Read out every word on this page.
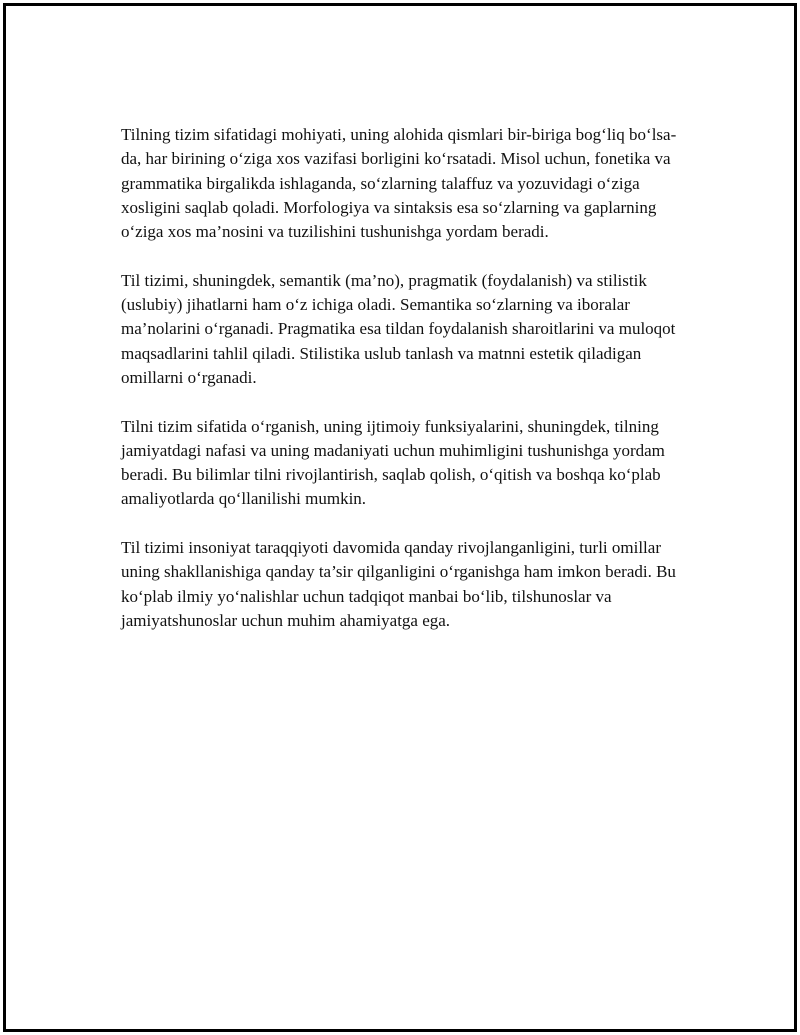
Tilning tizim sifatidagi mohiyati, uning alohida qismlari bir-biriga bog‘liq bo‘lsa-da, har birining o‘ziga xos vazifasi borligini ko‘rsatadi. Misol uchun, fonetika va grammatika birgalikda ishlaganda, so‘zlarning talaffuz va yozuvidagi o‘ziga xosligini saqlab qoladi. Morfologiya va sintaksis esa so‘zlarning va gaplarning o‘ziga xos ma’nosini va tuzilishini tushunishga yordam beradi.

Til tizimi, shuningdek, semantik (ma’no), pragmatik (foydalanish) va stilistik (uslubiy) jihatlarni ham o‘z ichiga oladi. Semantika so‘zlarning va iboralar ma’nolarini o‘rganadi. Pragmatika esa tildan foydalanish sharoitlarini va muloqot maqsadlarini tahlil qiladi. Stilistika uslub tanlash va matnni estetik qiladigan omillarni o‘rganadi.

Tilni tizim sifatida o‘rganish, uning ijtimoiy funksiyalarini, shuningdek, tilning jamiyatdagi nafasi va uning madaniyati uchun muhimligini tushunishga yordam beradi. Bu bilimlar tilni rivojlantirish, saqlab qolish, o‘qitish va boshqa ko‘plab amaliyotlarda qo‘llanilishi mumkin.

Til tizimi insoniyat taraqqiyoti davomida qanday rivojlanganligini, turli omillar uning shakllanishiga qanday ta’sir qilganligini o‘rganishga ham imkon beradi. Bu ko‘plab ilmiy yo‘nalishlar uchun tadqiqot manbai bo‘lib, tilshunoslar va jamiyatshunoslar uchun muhim ahamiyatga ega.
